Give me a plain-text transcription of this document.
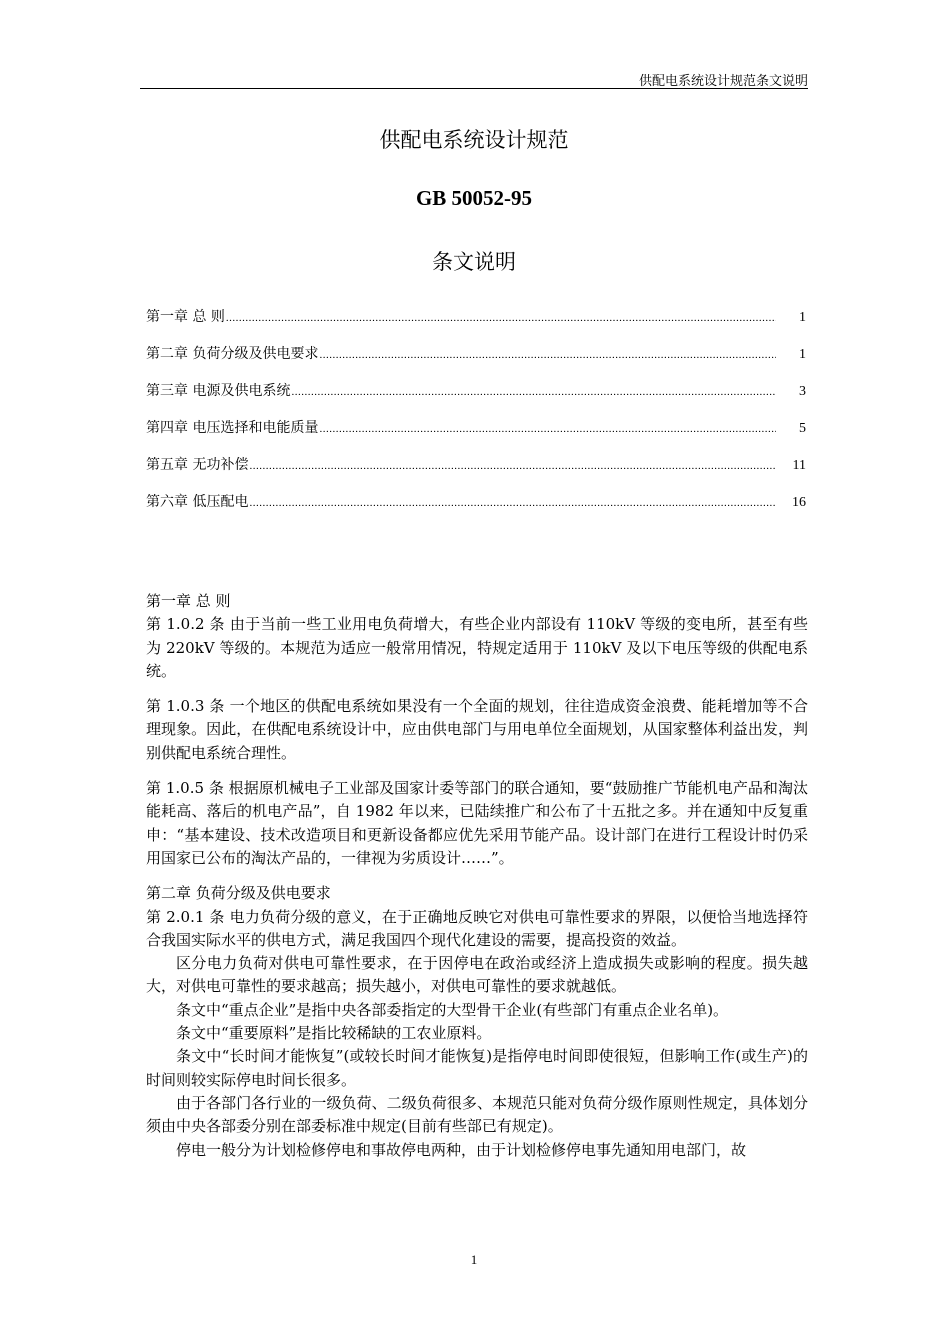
供配电系统设计规范条文说明
供配电系统设计规范
GB 50052-95
条文说明
第一章 总 则 .....	1
第二章 负荷分级及供电要求 .....	1
第三章 电源及供电系统 .....	3
第四章 电压选择和电能质量 .....	5
第五章 无功补偿 .....	11
第六章 低压配电 .....	16

第一章 总 则

第 1.0.2 条 由于当前一些工业用电负荷增大，有些企业内部设有 110kV 等级的变电所，甚至有些为 220kV 等级的。本规范为适应一般常用情况，特规定适用于 110kV 及以下电压等级的供配电系统。

第 1.0.3 条 一个地区的供配电系统如果没有一个全面的规划，往往造成资金浪费、能耗增加等不合理现象。因此，在供配电系统设计中，应由供电部门与用电单位全面规划，从国家整体利益出发，判别供配电系统合理性。

第 1.0.5 条 根据原机械电子工业部及国家计委等部门的联合通知，要“鼓励推广节能机电产品和淘汰能耗高、落后的机电产品”，自 1982 年以来，已陆续推广和公布了十五批之多。并在通知中反复重申：“基本建设、技术改造项目和更新设备都应优先采用节能产品。设计部门在进行工程设计时仍采用国家已公布的淘汰产品的，一律视为劣质设计……”。

第二章 负荷分级及供电要求

第 2.0.1 条 电力负荷分级的意义，在于正确地反映它对供电可靠性要求的界限，以便恰当地选择符合我国实际水平的供电方式，满足我国四个现代化建设的需要，提高投资的效益。

区分电力负荷对供电可靠性要求，在于因停电在政治或经济上造成损失或影响的程度。损失越大，对供电可靠性的要求越高；损失越小，对供电可靠性的要求就越低。

条文中“重点企业”是指中央各部委指定的大型骨干企业(有些部门有重点企业名单)。

条文中“重要原料”是指比较稀缺的工农业原料。

条文中“长时间才能恢复”(或较长时间才能恢复)是指停电时间即使很短，但影响工作(或生产)的时间则较实际停电时间长很多。

由于各部门各行业的一级负荷、二级负荷很多、本规范只能对负荷分级作原则性规定，具体划分须由中央各部委分别在部委标准中规定(目前有些部已有规定)。

停电一般分为计划检修停电和事故停电两种，由于计划检修停电事先通知用电部门，故

1
